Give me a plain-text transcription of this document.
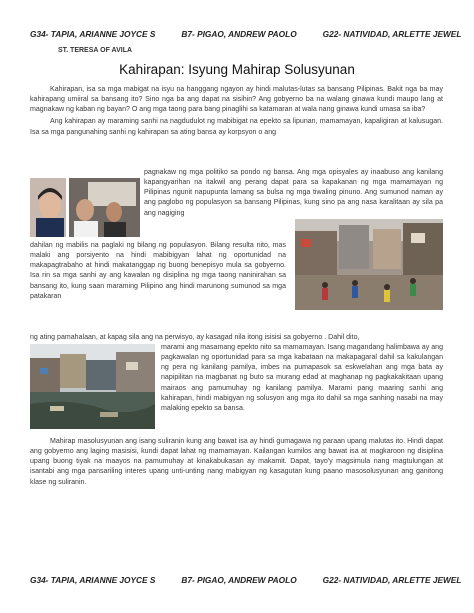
G34- TAPIA, ARIANNE JOYCE S	B7- PIGAO, ANDREW PAOLO	G22- NATIVIDAD, ARLETTE JEWEL
ST. TERESA OF AVILA
Kahirapan: Isyung Mahirap Solusyunan

Kahirapan, isa sa mga mabigat na isyu na hanggang ngayon ay hindi malutas-lutas sa bansang Pilipinas. Bakit nga ba may kahirapang umiiral sa bansang ito? Sino nga ba ang dapat na sisihin? Ang gobyerno ba na walang ginawa kundi maupo lang at magnakaw ng kaban ng bayan? O ang mga taong para bang pinaglihi sa katamaran at wala nang ginawa kundi umasa sa iba?

Ang kahirapan ay maraming sanhi na nagdudulot ng mabibigat na epekto sa lipunan, mamamayan, kapaligiran at kalusugan. Isa sa mga pangunahing sanhi ng kahirapan sa ating bansa ay korpsyon o ang

pagnakaw ng mga politiko sa pondo ng bansa. Ang mga opisyales ay inaabuso ang kanilang kapangyarihan na itakwil ang perang dapat para sa kapakanan ng mga mamamayan ng Pilipinas ngunit napupunta lamang sa bulsa ng mga tiwaling pinuno. Ang sumunod naman ay ang paglobo ng populasyon sa bansang Pilipinas, kung sino pa ang nasa karalitaan ay sila pa ang nagiging
dahilan ng mabilis na paglaki ng bilang ng populasyon. Bilang resulta nito, mas malaki ang porsiyento na hindi mabibigyan lahat ng oportunidad na makapagtrabaho at hindi makatanggap ng buong benepisyo mula sa gobyerno. Isa rin sa mga sanhi ay ang kawalan ng disiplina ng mga taong naninirahan sa bansang ito, kung saan maraming Pilipino ang hindi marunong sumunod sa mga patakaran
ng ating pamahalaan, at kapag sila ang na perwisyo, ay kasagad nila itong isisisi sa gobyerno . Dahil dito,
marami ang masamang epekto nito sa mamamayan. Isang magandang halimbawa ay ang pagkawalan ng oportunidad para sa mga kabataan na makapagaral dahil sa kakulangan ng pera ng kanilang pamilya, imbes na pumapasok sa eskwelahan ang mga bata ay napipilitan na magbanat ng buto sa murang edad at maghanap ng pagkakakitaan upang mairaos ang pamumuhay ng kanilang pamilya. Marami pang maaring sanhi ang kahirapan, hindi mabigyan ng solusyon ang mga ito dahil sa mga sanhing nasabi na may malaking epekto sa bansa.

Mahirap masolusyunan ang isang suliranin kung ang bawat isa ay hindi gumagawa ng paraan upang malutas ito. Hindi dapat ang gobyerno ang laging masisisi, kundi dapat lahat ng mamamayan. Kailangan kumilos ang bawat isa at magkaroon ng disiplina upang buong tiyak na maayos na pamumuhay at kinakabukasan ay makamit. Dapat, tayo'y magsimula nang magtulungan at isantabi ang mga pansariling interes upang unti-unting nang mabigyan ng kasagutan kung paano masosolusyunan ang ganitong klase ng suliranin.

G34- TAPIA, ARIANNE JOYCE S	B7- PIGAO, ANDREW PAOLO	G22- NATIVIDAD, ARLETTE JEWEL
